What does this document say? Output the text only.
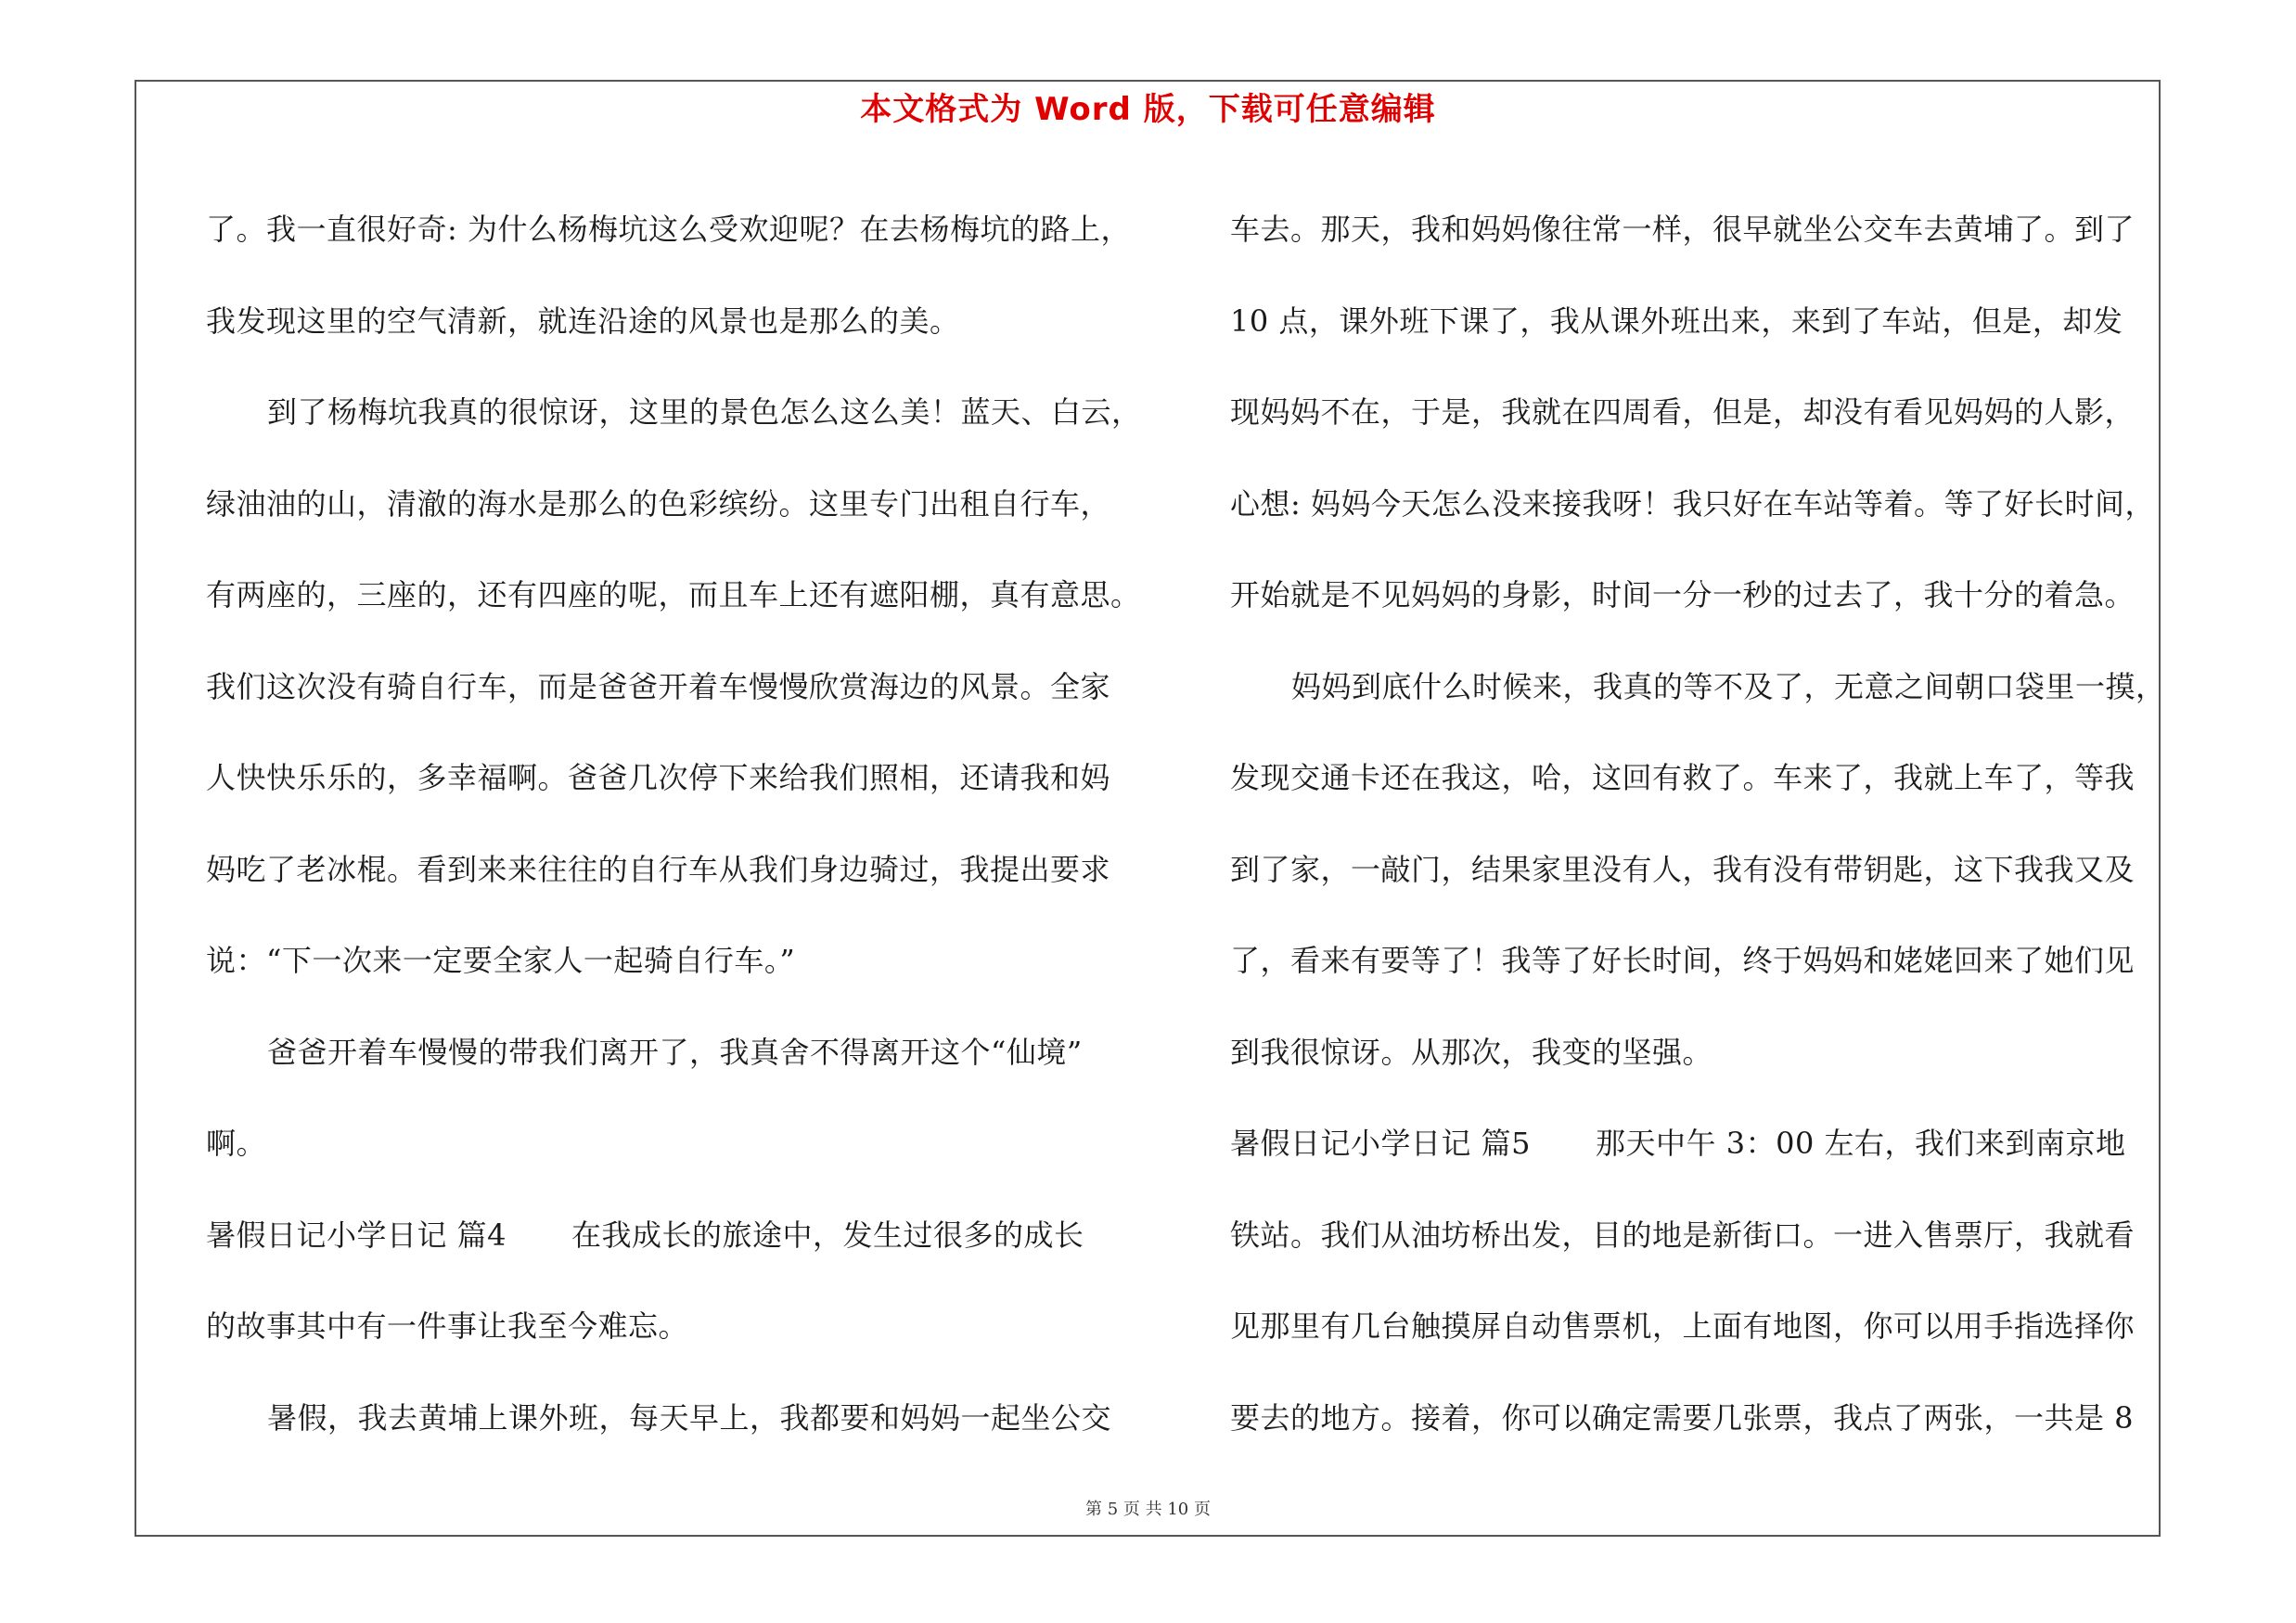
本文格式为 Word 版，下载可任意编辑
了。我一直很好奇: 为什么杨梅坑这么受欢迎呢？在去杨梅坑的路上，
我发现这里的空气清新，就连沿途的风景也是那么的美。
到了杨梅坑我真的很惊讶，这里的景色怎么这么美！蓝天、白云，
绿油油的山，清澈的海水是那么的色彩缤纷。这里专门出租自行车，
有两座的，三座的，还有四座的呢，而且车上还有遮阳棚，真有意思。
我们这次没有骑自行车，而是爸爸开着车慢慢欣赏海边的风景。全家
人快快乐乐的，多幸福啊。爸爸几次停下来给我们照相，还请我和妈
妈吃了老冰棍。看到来来往往的自行车从我们身边骑过，我提出要求
说：“下一次来一定要全家人一起骑自行车。”
爸爸开着车慢慢的带我们离开了，我真舍不得离开这个“仙境”
啊。
暑假日记小学日记 篇4 在我成长的旅途中，发生过很多的成长
的故事其中有一件事让我至今难忘。
暑假，我去黄埔上课外班，每天早上，我都要和妈妈一起坐公交
车去。那天，我和妈妈像往常一样，很早就坐公交车去黄埔了。到了
10 点，课外班下课了，我从课外班出来，来到了车站，但是，却发
现妈妈不在，于是，我就在四周看，但是，却没有看见妈妈的人影，
心想: 妈妈今天怎么没来接我呀！我只好在车站等着。等了好长时间，
开始就是不见妈妈的身影，时间一分一秒的过去了，我十分的着急。
妈妈到底什么时候来，我真的等不及了，无意之间朝口袋里一摸，
发现交通卡还在我这，哈，这回有救了。车来了，我就上车了，等我
到了家，一敲门，结果家里没有人，我有没有带钥匙，这下我我又及
了，看来有要等了！我等了好长时间，终于妈妈和姥姥回来了她们见
到我很惊讶。从那次，我变的坚强。
暑假日记小学日记 篇5 那天中午 3：00 左右，我们来到南京地
铁站。我们从油坊桥出发，目的地是新街口。一进入售票厅，我就看
见那里有几台触摸屏自动售票机，上面有地图，你可以用手指选择你
要去的地方。接着，你可以确定需要几张票，我点了两张，一共是 8
第 5 页 共 10 页
